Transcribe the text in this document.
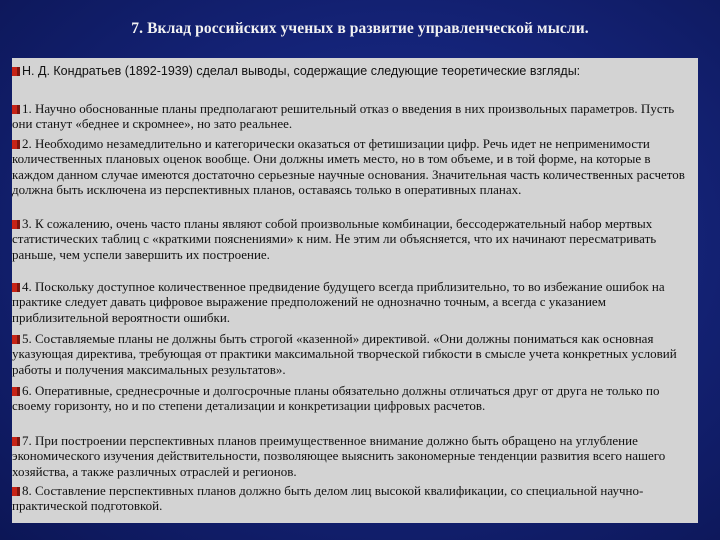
7. Вклад российских ученых в развитие управленческой мысли.
Н. Д. Кондратьев (1892-1939) сделал выводы, содержащие следующие теоретические взгляды:
1. Научно обоснованные планы предполагают решительный отказ о введения в них произвольных параметров. Пусть они станут «беднее и скромнее», но зато реальнее.
2. Необходимо незамедлительно и категорически оказаться от фетишизации цифр. Речь идет не неприменимости количественных плановых оценок вообще. Они должны иметь место, но в том объеме, и в той форме, на которые в каждом данном случае имеются достаточно серьезные научные основания. Значительная часть количественных расчетов должна быть исключена из перспективных планов, оставаясь только в оперативных планах.
3. К сожалению, очень часто планы являют собой произвольные комбинации, бессодержательный набор мертвых статистических таблиц с «краткими пояснениями» к ним. Не этим ли объясняется, что их начинают пересматривать раньше, чем успели завершить их построение.
4. Поскольку доступное количественное предвидение будущего всегда приблизительно, то во избежание ошибок на практике следует давать цифровое выражение предположений не однозначно точным, а всегда с указанием приблизительной вероятности ошибки.
5. Составляемые планы не должны быть строгой «казенной» директивой. «Они должны пониматься как основная указующая директива, требующая от практики максимальной творческой гибкости в смысле учета конкретных условий работы и получения максимальных результатов».
6. Оперативные, среднесрочные и долгосрочные планы обязательно должны отличаться друг от друга не только по своему горизонту, но и по степени детализации и конкретизации цифровых расчетов.
7. При построении перспективных планов преимущественное внимание должно быть обращено на углубление экономического изучения действительности, позволяющее выяснить закономерные тенденции развития всего нашего хозяйства, а также различных отраслей и регионов.
8. Составление перспективных планов должно быть делом лиц высокой квалификации, со специальной научно-практической подготовкой.
